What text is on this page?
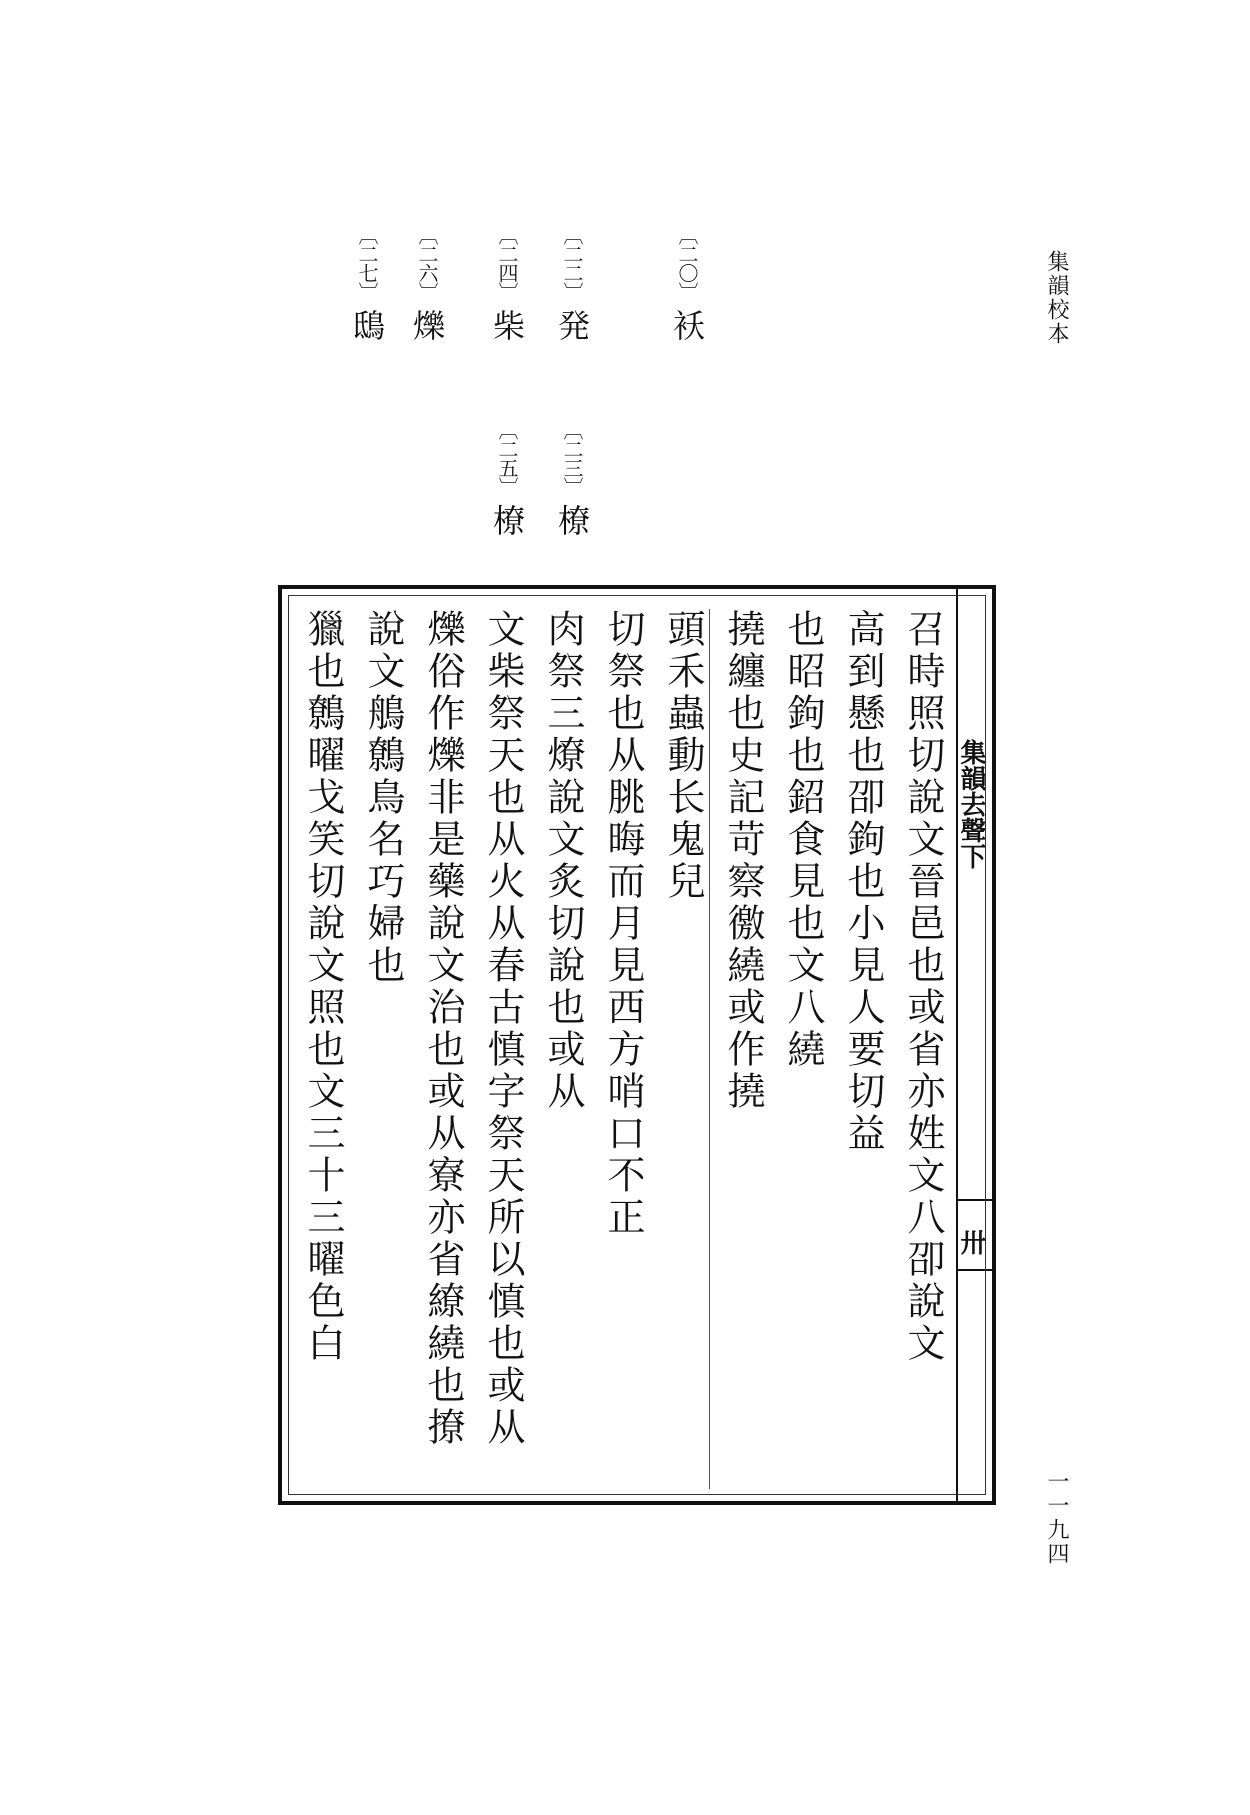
集韻校本
一一九四
〔二〇〕袄
〔二二〕発
〔二三〕橑
〔二四〕柴
〔二五〕橑
〔二六〕爍
〔二七〕鴟
集韻去聲下
卅
召時照切說文晉邑也或省亦姓文八卲說文
高到懸也卲鉤也小見人要切益
也昭鉤也鉊食見也文八繞
撓纏也史記苛察徼繞或作撓
頭禾蟲動长鬼兒
切祭也从朓晦而月見西方哨口不正
肉祭三燎說文炙切說也或从
文柴祭天也从火从春古慎字祭天所以慎也或从
爍俗作爍非是藥說文治也或从寮亦省繚繞也撩
說文鵃鷯鳥名巧婦也
獵也鷯曜戈笑切說文照也文三十三曜色白
